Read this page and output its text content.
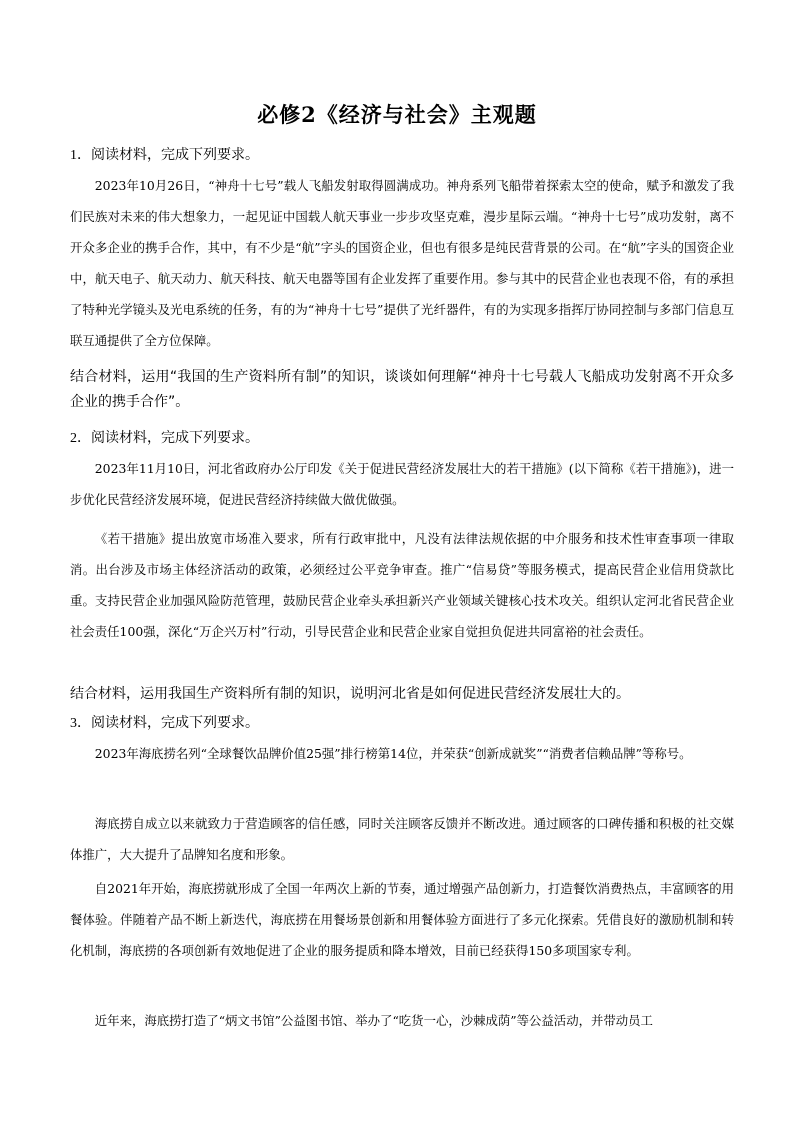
必修2《经济与社会》主观题
1．阅读材料，完成下列要求。
2023年10月26日，“神舟十七号”载人飞船发射取得圆满成功。神舟系列飞船带着探索太空的使命，赋予和激发了我们民族对未来的伟大想象力，一起见证中国载人航天事业一步步攻坚克难，漫步星际云端。“神舟十七号”成功发射，离不开众多企业的携手合作，其中，有不少是“航”字头的国资企业，但也有很多是纯民营背景的公司。在“航”字头的国资企业中，航天电子、航天动力、航天科技、航天电器等国有企业发挥了重要作用。参与其中的民营企业也表现不俗，有的承担了特种光学镜头及光电系统的任务，有的为“神舟十七号”提供了光纤器件，有的为实现多指挥厅协同控制与多部门信息互联互通提供了全方位保障。
结合材料，运用“我国的生产资料所有制”的知识，谈谈如何理解“神舟十七号载人飞船成功发射离不开众多企业的携手合作”。
2．阅读材料，完成下列要求。
2023年11月10日，河北省政府办公厅印发《关于促进民营经济发展壮大的若干措施》(以下简称《若干措施》)，进一步优化民营经济发展环境，促进民营经济持续做大做优做强。
《若干措施》提出放宽市场准入要求，所有行政审批中，凡没有法律法规依据的中介服务和技术性审查事项一律取消。出台涉及市场主体经济活动的政策，必须经过公平竞争审查。推广“信易贷”等服务模式，提高民营企业信用贷款比重。支持民营企业加强风险防范管理，鼓励民营企业牵头承担新兴产业领域关键核心技术攻关。组织认定河北省民营企业社会责任100强，深化“万企兴万村”行动，引导民营企业和民营企业家自觉担负促进共同富裕的社会责任。
结合材料，运用我国生产资料所有制的知识，说明河北省是如何促进民营经济发展壮大的。
3．阅读材料，完成下列要求。
2023年海底捞名列“全球餐饮品牌价值25强”排行榜第14位，并荣获“创新成就奖”“消费者信赖品牌”等称号。
海底捞自成立以来就致力于营造顾客的信任感，同时关注顾客反馈并不断改进。通过顾客的口碑传播和积极的社交媒体推广，大大提升了品牌知名度和形象。
自2021年开始，海底捞就形成了全国一年两次上新的节奏，通过增强产品创新力，打造餐饮消费热点，丰富顾客的用餐体验。伴随着产品不断上新迭代，海底捞在用餐场景创新和用餐体验方面进行了多元化探索。凭借良好的激励机制和转化机制，海底捞的各项创新有效地促进了企业的服务提质和降本增效，目前已经获得150多项国家专利。
近年来，海底捞打造了“炳文书馆”公益图书馆、举办了“吃货一心，沙棘成荫”等公益活动，并带动员工
